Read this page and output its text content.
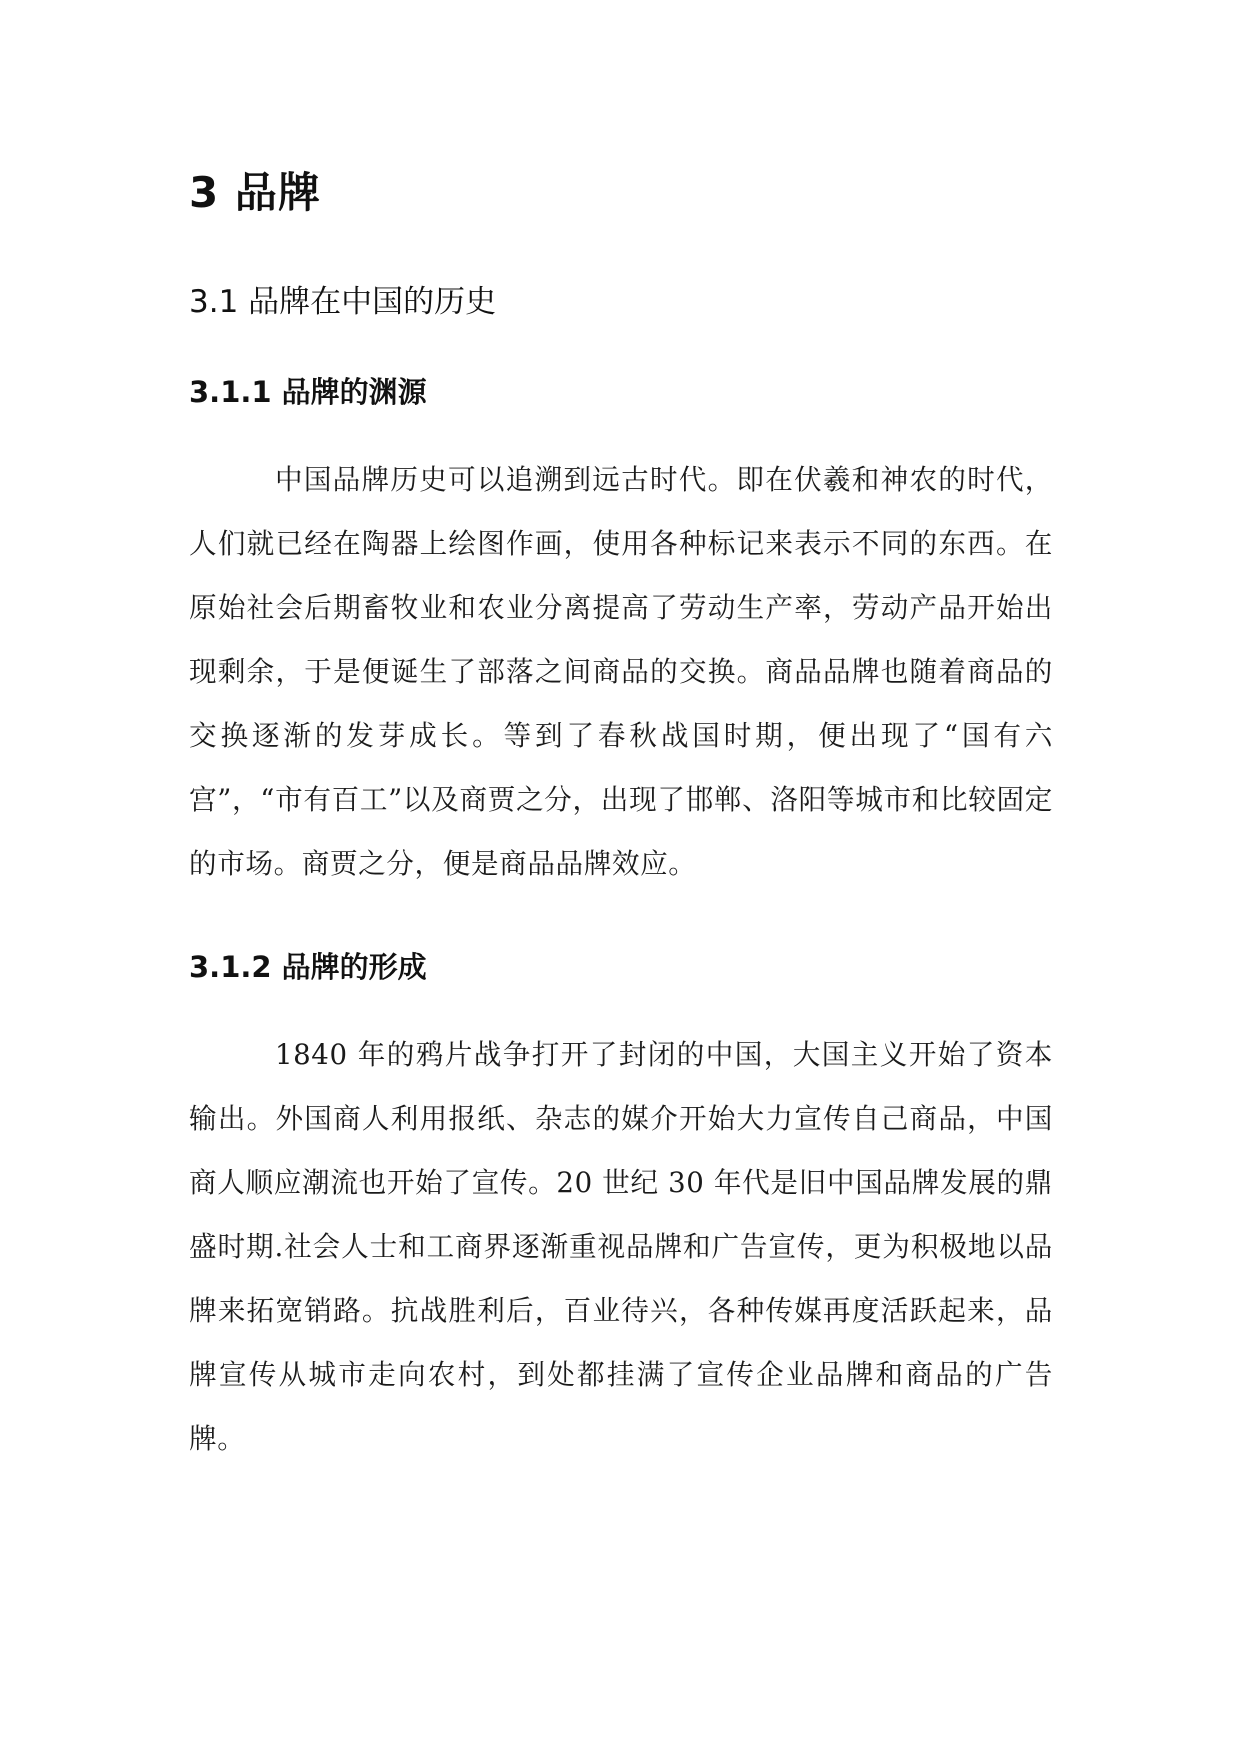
3 品牌
3.1 品牌在中国的历史
3.1.1 品牌的渊源

中国品牌历史可以追溯到远古时代。即在伏羲和神农的时代，人们就已经在陶器上绘图作画，使用各种标记来表示不同的东西。在原始社会后期畜牧业和农业分离提高了劳动生产率，劳动产品开始出现剩余，于是便诞生了部落之间商品的交换。商品品牌也随着商品的交换逐渐的发芽成长。等到了春秋战国时期，便出现了“国有六宫”，“市有百工”以及商贾之分，出现了邯郸、洛阳等城市和比较固定的市场。商贾之分，便是商品品牌效应。

3.1.2 品牌的形成

1840 年的鸦片战争打开了封闭的中国，大国主义开始了资本输出。外国商人利用报纸、杂志的媒介开始大力宣传自己商品，中国商人顺应潮流也开始了宣传。20 世纪 30 年代是旧中国品牌发展的鼎盛时期.社会人士和工商界逐渐重视品牌和广告宣传，更为积极地以品牌来拓宽销路。抗战胜利后，百业待兴，各种传媒再度活跃起来，品牌宣传从城市走向农村，到处都挂满了宣传企业品牌和商品的广告牌。
